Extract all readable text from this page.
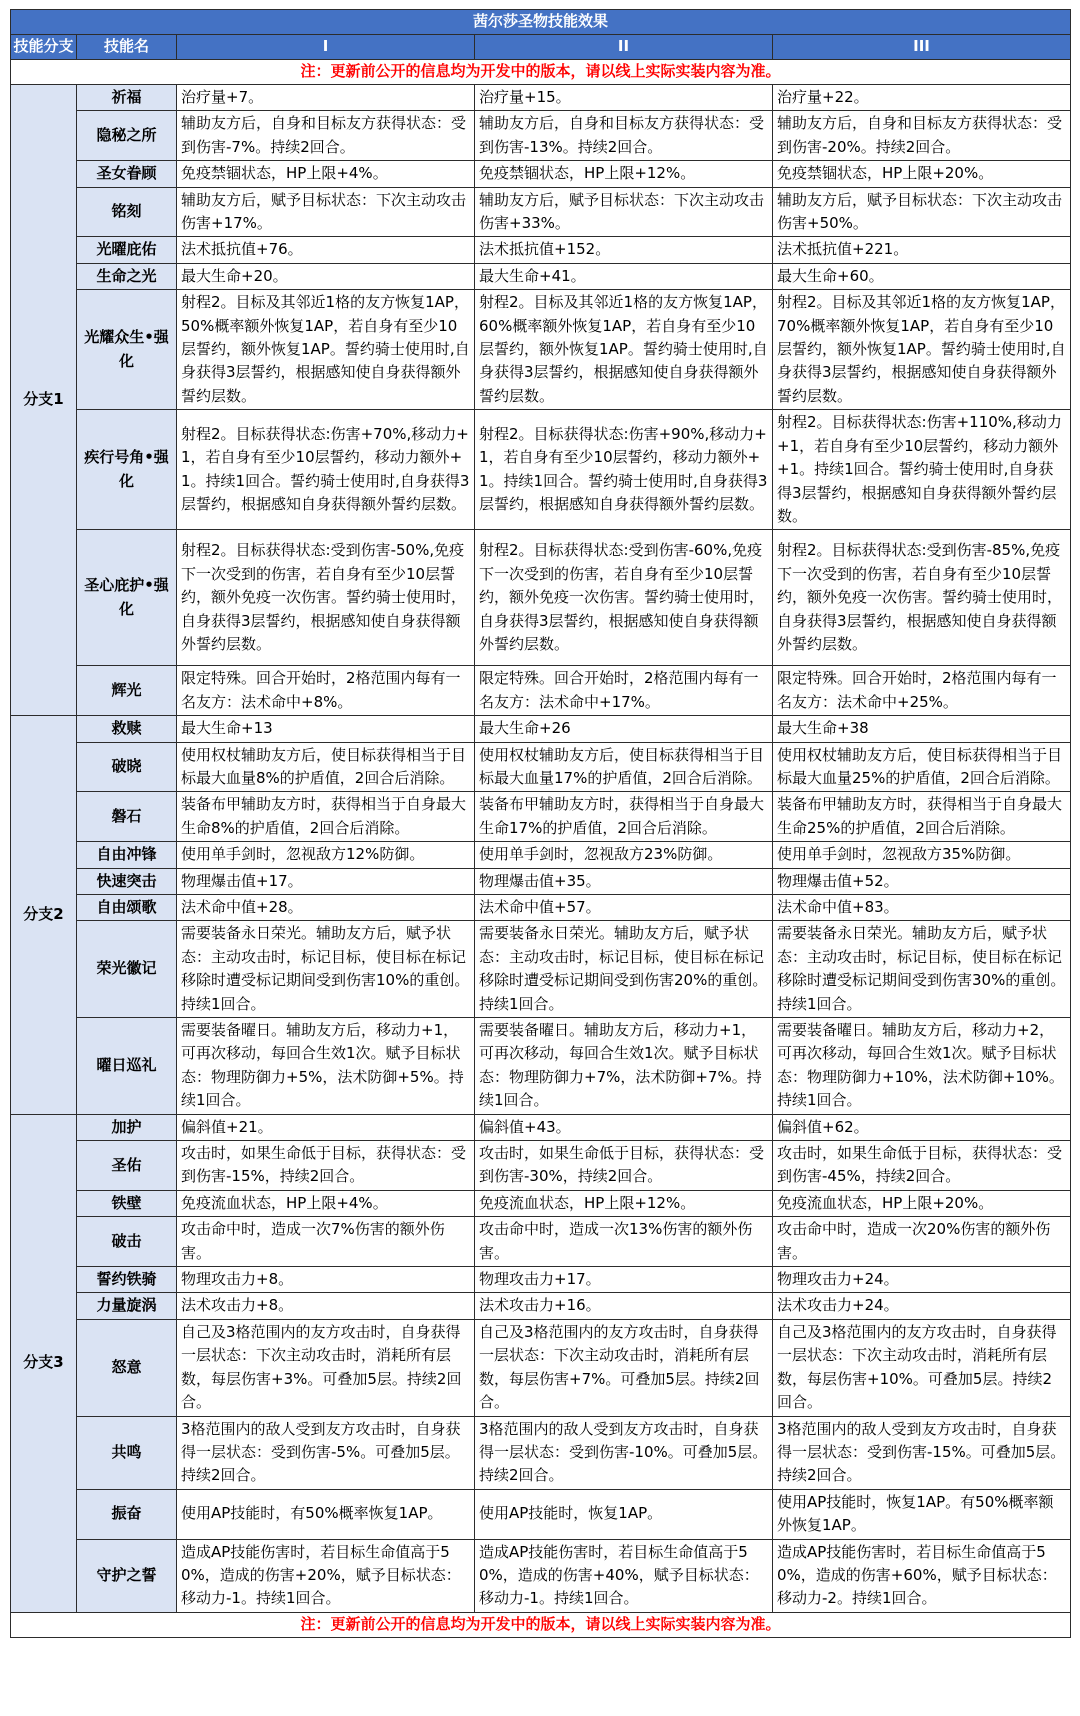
茜尔莎圣物技能效果				
技能分支	技能名	I	II	III
注：更新前公开的信息均为开发中的版本，请以线上实际实装内容为准。				
分支1	祈福	治疗量+7。	治疗量+15。	治疗量+22。
	隐秘之所	辅助友方后，自身和目标友方获得状态：受到伤害-7%。持续2回合。	辅助友方后，自身和目标友方获得状态：受到伤害-13%。持续2回合。	辅助友方后，自身和目标友方获得状态：受到伤害-20%。持续2回合。
	圣女眷顾	免疫禁锢状态，HP上限+4%。	免疫禁锢状态，HP上限+12%。	免疫禁锢状态，HP上限+20%。
	铭刻	辅助友方后，赋予目标状态：下次主动攻击伤害+17%。	辅助友方后，赋予目标状态：下次主动攻击伤害+33%。	辅助友方后，赋予目标状态：下次主动攻击伤害+50%。
	光曜庇佑	法术抵抗值+76。	法术抵抗值+152。	法术抵抗值+221。
	生命之光	最大生命+20。	最大生命+41。	最大生命+60。
	光耀众生•强化	射程2。目标及其邻近1格的友方恢复1AP，50%概率额外恢复1AP，若自身有至少10层誓约，额外恢复1AP。誓约骑士使用时,自身获得3层誓约，根据感知使自身获得额外誓约层数。	射程2。目标及其邻近1格的友方恢复1AP，60%概率额外恢复1AP，若自身有至少10层誓约，额外恢复1AP。誓约骑士使用时,自身获得3层誓约，根据感知使自身获得额外誓约层数。	射程2。目标及其邻近1格的友方恢复1AP，70%概率额外恢复1AP，若自身有至少10层誓约，额外恢复1AP。誓约骑士使用时,自身获得3层誓约，根据感知使自身获得额外誓约层数。
	疾行号角•强化	射程2。目标获得状态:伤害+70%,移动力+1，若自身有至少10层誓约，移动力额外+1。持续1回合。誓约骑士使用时,自身获得3层誓约，根据感知自身获得额外誓约层数。	射程2。目标获得状态:伤害+90%,移动力+1，若自身有至少10层誓约，移动力额外+1。持续1回合。誓约骑士使用时,自身获得3层誓约，根据感知自身获得额外誓约层数。	射程2。目标获得状态:伤害+110%,移动力+1，若自身有至少10层誓约，移动力额外+1。持续1回合。誓约骑士使用时,自身获得3层誓约，根据感知自身获得额外誓约层数。
	圣心庇护•强化	射程2。目标获得状态:受到伤害-50%,免疫下一次受到的伤害，若自身有至少10层誓约，额外免疫一次伤害。誓约骑士使用时，自身获得3层誓约，根据感知使自身获得额外誓约层数。	射程2。目标获得状态:受到伤害-60%,免疫下一次受到的伤害，若自身有至少10层誓约，额外免疫一次伤害。誓约骑士使用时，自身获得3层誓约，根据感知使自身获得额外誓约层数。	射程2。目标获得状态:受到伤害-85%,免疫下一次受到的伤害，若自身有至少10层誓约，额外免疫一次伤害。誓约骑士使用时，自身获得3层誓约，根据感知使自身获得额外誓约层数。
	辉光	限定特殊。回合开始时，2格范围内每有一名友方：法术命中+8%。	限定特殊。回合开始时，2格范围内每有一名友方：法术命中+17%。	限定特殊。回合开始时，2格范围内每有一名友方：法术命中+25%。
分支2	救赎	最大生命+13	最大生命+26	最大生命+38
	破晓	使用权杖辅助友方后，使目标获得相当于目标最大血量8%的护盾值，2回合后消除。	使用权杖辅助友方后，使目标获得相当于目标最大血量17%的护盾值，2回合后消除。	使用权杖辅助友方后，使目标获得相当于目标最大血量25%的护盾值，2回合后消除。
	磐石	装备布甲辅助友方时，获得相当于自身最大生命8%的护盾值，2回合后消除。	装备布甲辅助友方时，获得相当于自身最大生命17%的护盾值，2回合后消除。	装备布甲辅助友方时，获得相当于自身最大生命25%的护盾值，2回合后消除。
	自由冲锋	使用单手剑时，忽视敌方12%防御。	使用单手剑时，忽视敌方23%防御。	使用单手剑时，忽视敌方35%防御。
	快速突击	物理爆击值+17。	物理爆击值+35。	物理爆击值+52。
	自由颂歌	法术命中值+28。	法术命中值+57。	法术命中值+83。
	荣光徽记	需要装备永日荣光。辅助友方后，赋予状态：主动攻击时，标记目标，使目标在标记移除时遭受标记期间受到伤害10%的重创。持续1回合。	需要装备永日荣光。辅助友方后，赋予状态：主动攻击时，标记目标，使目标在标记移除时遭受标记期间受到伤害20%的重创。持续1回合。	需要装备永日荣光。辅助友方后，赋予状态：主动攻击时，标记目标，使目标在标记移除时遭受标记期间受到伤害30%的重创。持续1回合。
	曜日巡礼	需要装备曜日。辅助友方后，移动力+1，可再次移动，每回合生效1次。赋予目标状态：物理防御力+5%，法术防御+5%。持续1回合。	需要装备曜日。辅助友方后，移动力+1，可再次移动，每回合生效1次。赋予目标状态：物理防御力+7%，法术防御+7%。持续1回合。	需要装备曜日。辅助友方后，移动力+2，可再次移动，每回合生效1次。赋予目标状态：物理防御力+10%，法术防御+10%。持续1回合。
分支3	加护	偏斜值+21。	偏斜值+43。	偏斜值+62。
	圣佑	攻击时，如果生命低于目标，获得状态：受到伤害-15%，持续2回合。	攻击时，如果生命低于目标，获得状态：受到伤害-30%，持续2回合。	攻击时，如果生命低于目标，获得状态：受到伤害-45%，持续2回合。
	铁壁	免疫流血状态，HP上限+4%。	免疫流血状态，HP上限+12%。	免疫流血状态，HP上限+20%。
	破击	攻击命中时，造成一次7%伤害的额外伤害。	攻击命中时，造成一次13%伤害的额外伤害。	攻击命中时，造成一次20%伤害的额外伤害。
	誓约铁骑	物理攻击力+8。	物理攻击力+17。	物理攻击力+24。
	力量旋涡	法术攻击力+8。	法术攻击力+16。	法术攻击力+24。
	怒意	自己及3格范围内的友方攻击时，自身获得一层状态：下次主动攻击时，消耗所有层数，每层伤害+3%。可叠加5层。持续2回合。	自己及3格范围内的友方攻击时，自身获得一层状态：下次主动攻击时，消耗所有层数，每层伤害+7%。可叠加5层。持续2回合。	自己及3格范围内的友方攻击时，自身获得一层状态：下次主动攻击时，消耗所有层数，每层伤害+10%。可叠加5层。持续2回合。
	共鸣	3格范围内的敌人受到友方攻击时，自身获得一层状态：受到伤害-5%。可叠加5层。持续2回合。	3格范围内的敌人受到友方攻击时，自身获得一层状态：受到伤害-10%。可叠加5层。持续2回合。	3格范围内的敌人受到友方攻击时，自身获得一层状态：受到伤害-15%。可叠加5层。持续2回合。
	振奋	使用AP技能时，有50%概率恢复1AP。	使用AP技能时，恢复1AP。	使用AP技能时，恢复1AP。有50%概率额外恢复1AP。
	守护之誓	造成AP技能伤害时，若目标生命值高于50%，造成的伤害+20%，赋予目标状态：移动力-1。持续1回合。	造成AP技能伤害时，若目标生命值高于50%，造成的伤害+40%，赋予目标状态：移动力-1。持续1回合。	造成AP技能伤害时，若目标生命值高于50%，造成的伤害+60%，赋予目标状态：移动力-2。持续1回合。
注：更新前公开的信息均为开发中的版本，请以线上实际实装内容为准。				
